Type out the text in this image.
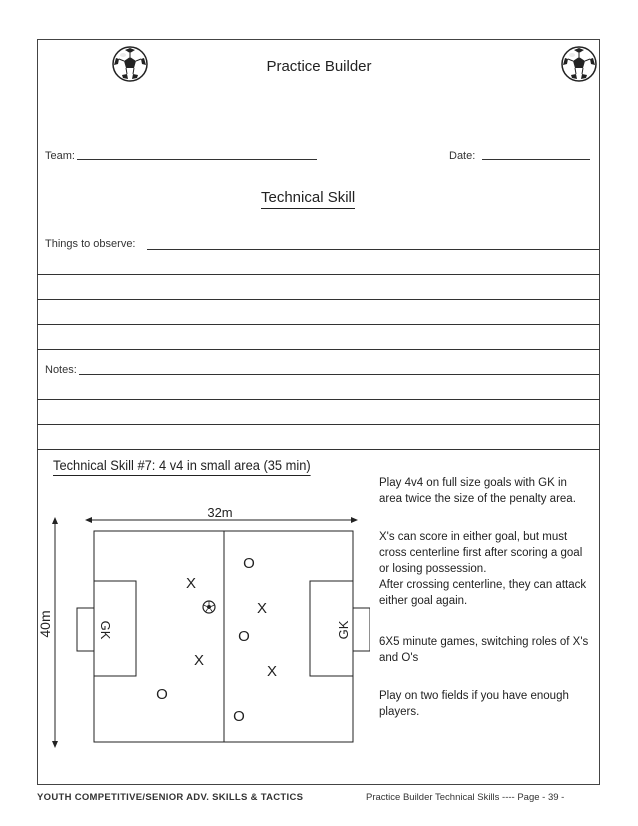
Practice Builder
Team:	Date:
Technical Skill
Things to observe:
Notes:
Technical Skill #7: 4 v4 in small area (35 min)
32m
40m	GK	GK
X
X
X
X
O
O
O
O
Play 4v4 on full size goals with GK in
area twice the size of the penalty area.
X's can score in either goal, but must
cross centerline first after scoring a goal
or losing possession.
After crossing centerline, they can attack
either goal again.
6X5 minute games, switching roles of X's
and O's
Play on two fields if you have enough
players.
YOUTH COMPETITIVE/SENIOR ADV. SKILLS & TACTICS	Practice Builder Technical Skills ---- Page - 39 -
